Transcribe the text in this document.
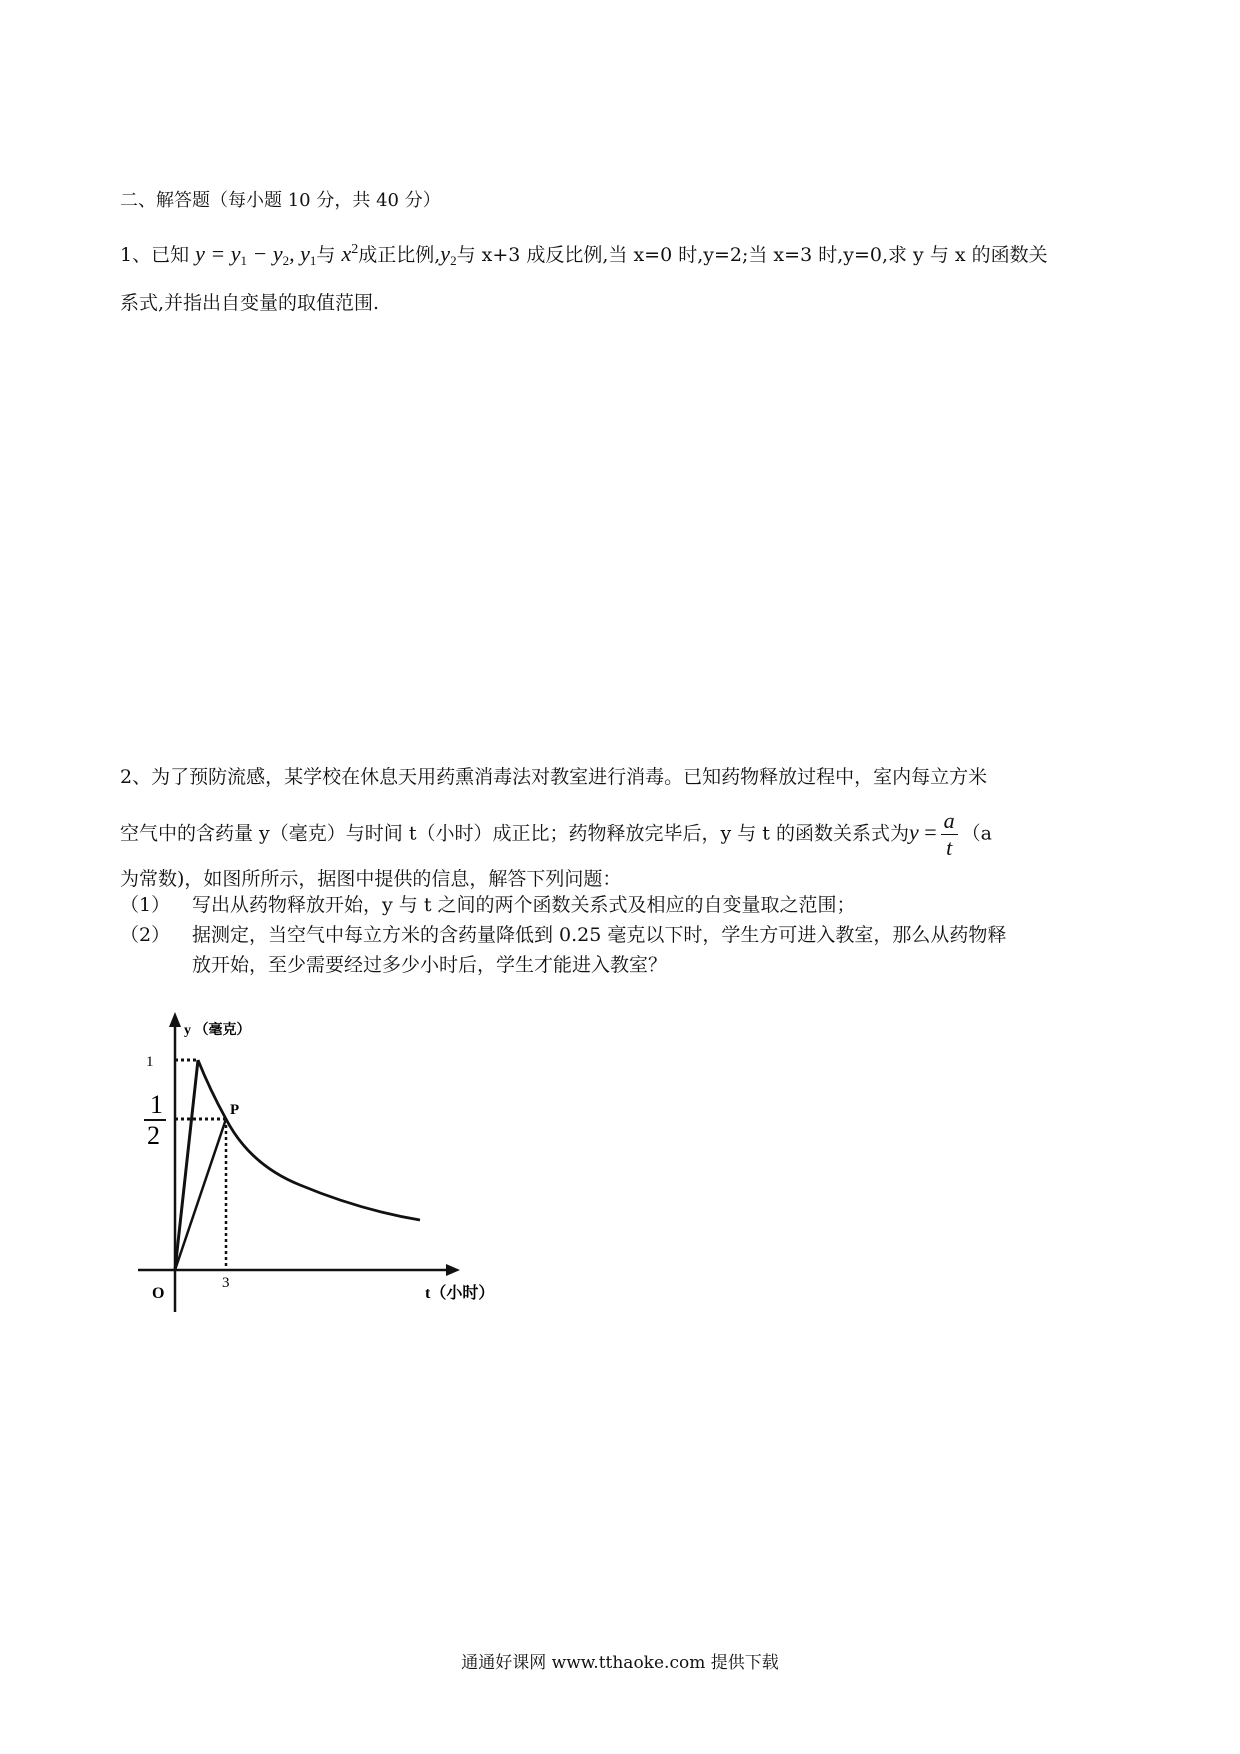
二、解答题（每小题 10 分，共 40 分）
1、已知 $y = y_1 - y_2$, $y_1$与 $x^2$成正比例$,y_2$与 x+3 成反比例,当 x=0 时,y=2;当 x=3 时,y=0,求 y 与 x 的函数关
系式,并指出自变量的取值范围.
2、为了预防流感，某学校在休息天用药熏消毒法对教室进行消毒。已知药物释放过程中，室内每立方米
空气中的含药量 y（毫克）与时间 t（小时）成正比；药物释放完毕后，y 与 t 的函数关系式为$y = \frac{a}{t} (a$
为常数)，如图所所示，据图中提供的信息，解答下列问题：
（1） 写出从药物释放开始，y 与 t 之间的两个函数关系式及相应的自变量取之范围；
（2） 据测定，当空气中每立方米的含药量降低到 0.25 毫克以下时，学生方可进入教室，那么从药物释
放开始，至少需要经过多少小时后，学生才能进入教室？
y （毫克）
1
1
2
P
3
O	t（小时）
通通好课网 www.tthaoke.com 提供下载
